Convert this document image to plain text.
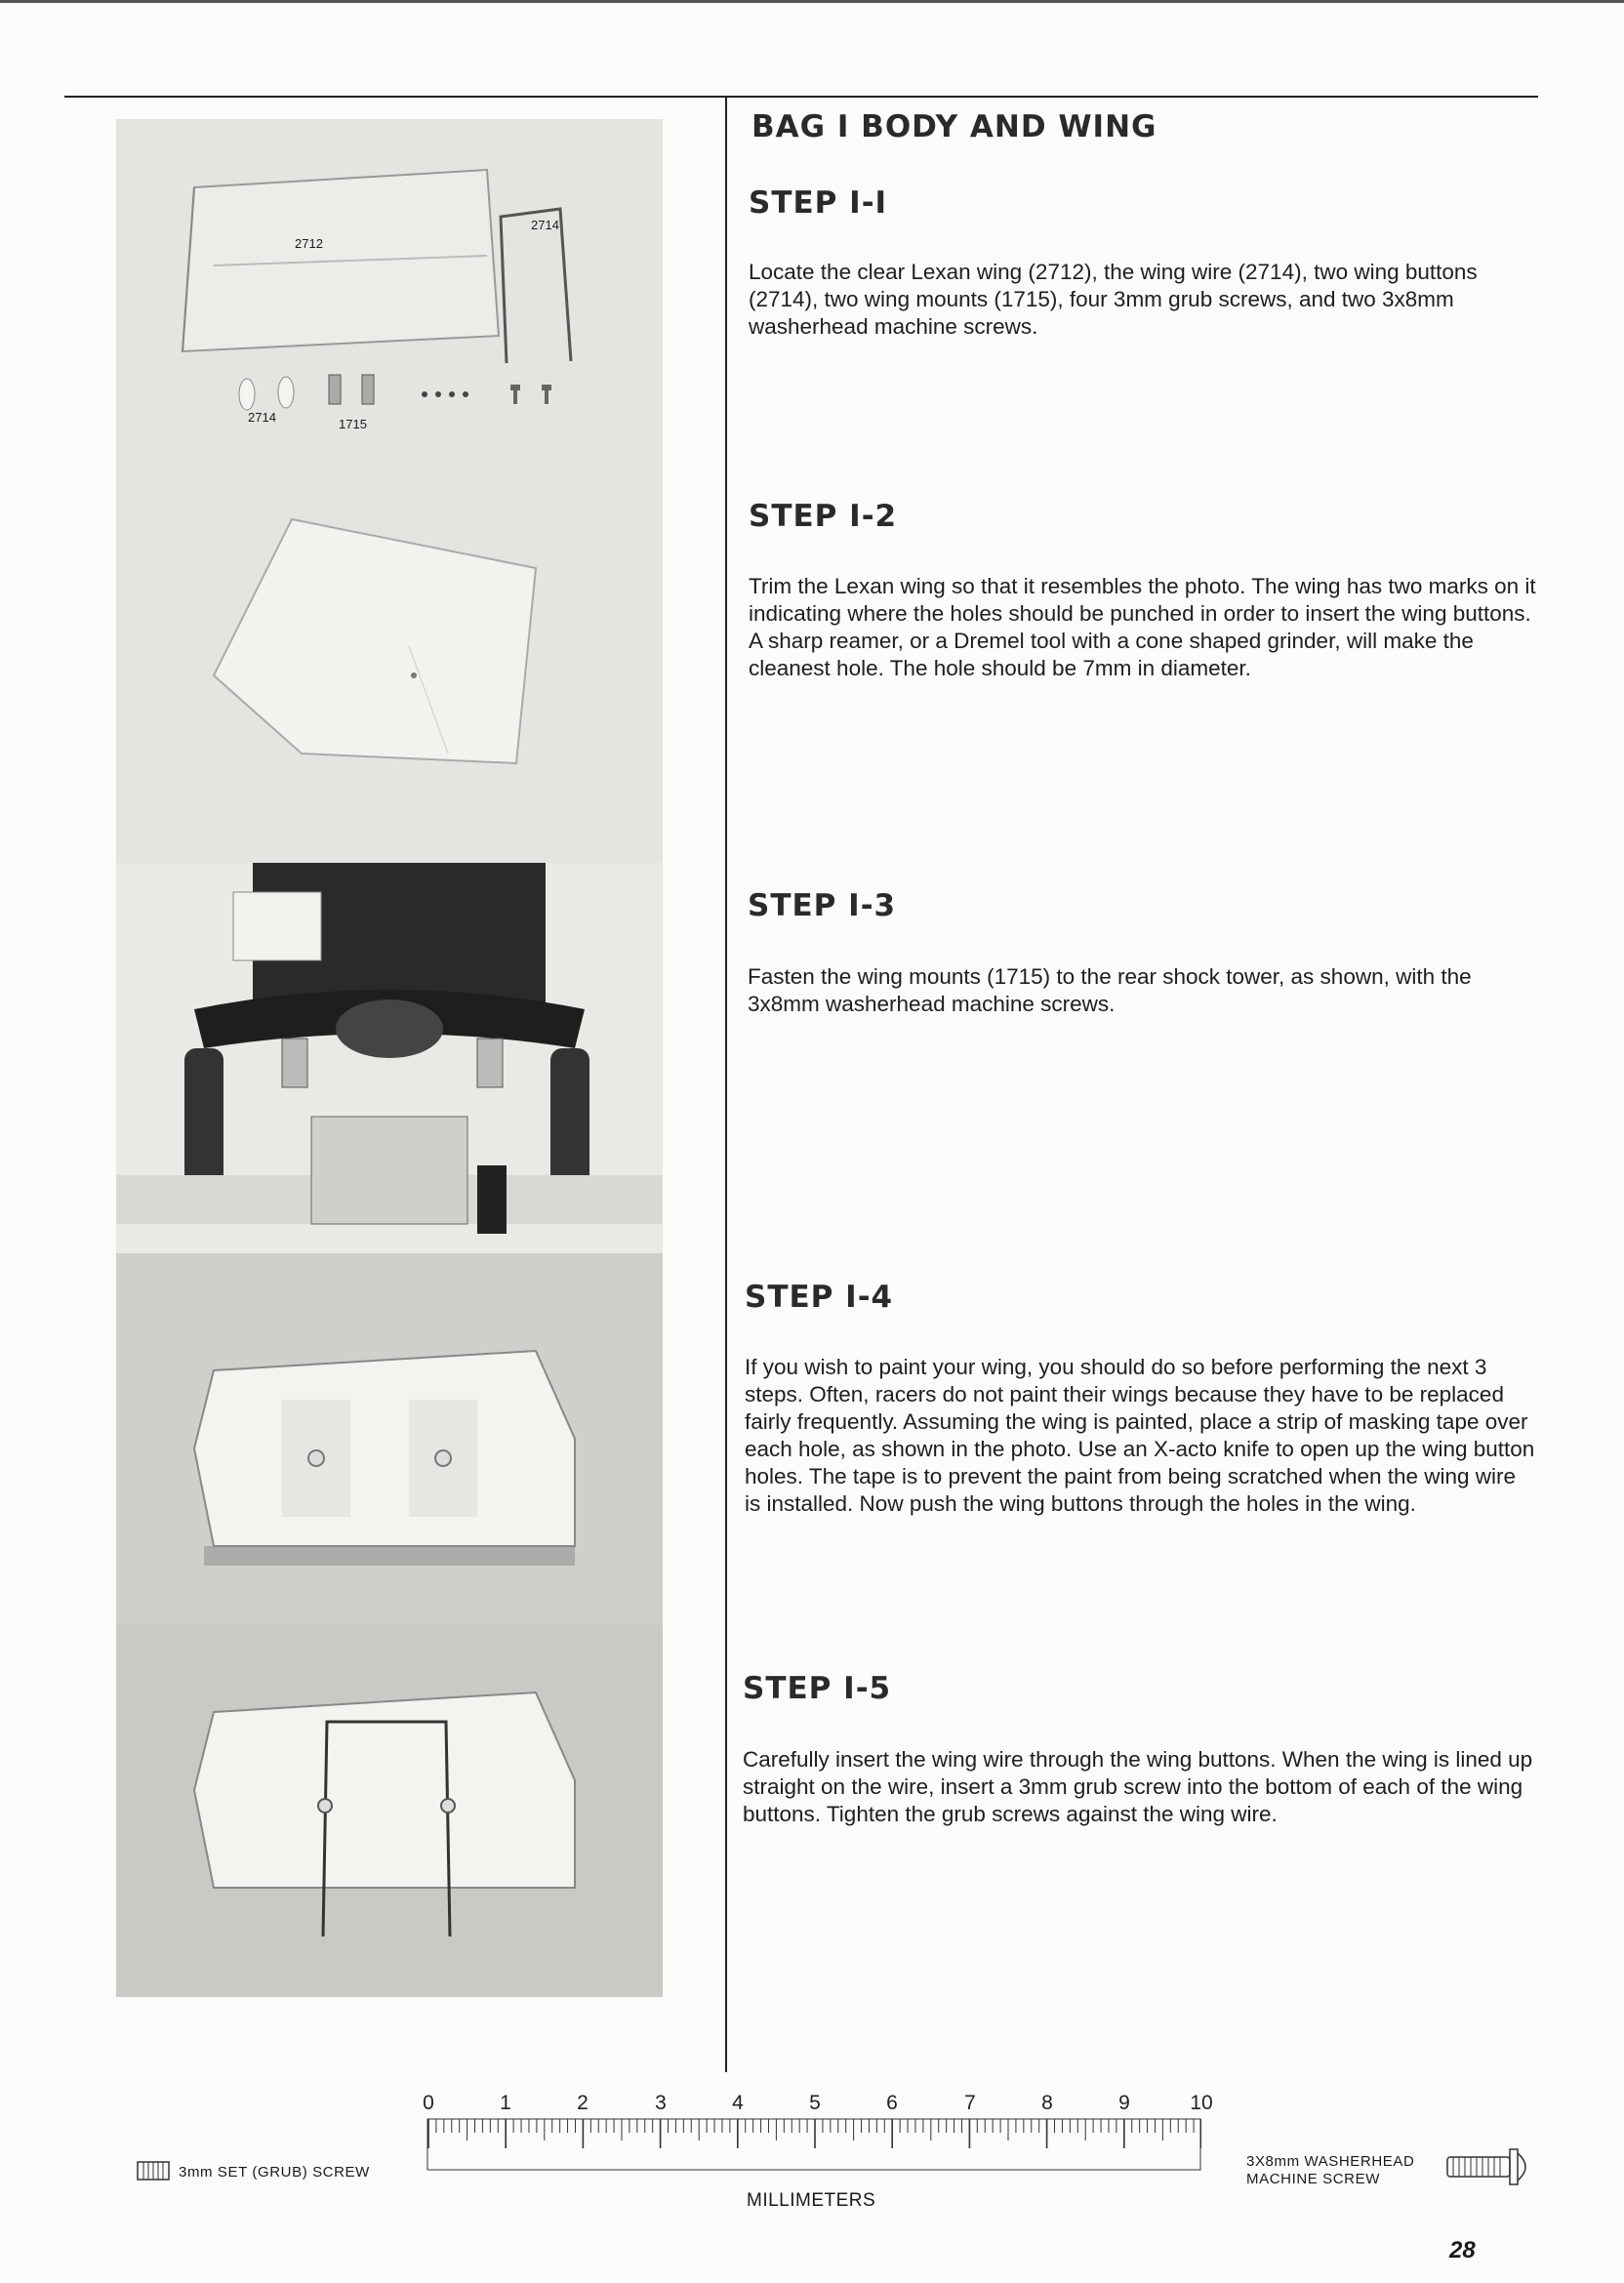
2712
2714
2714	1715
BAG I BODY AND WING
STEP I-I
Locate the clear Lexan wing (2712), the wing wire (2714), two wing buttons (2714), two wing mounts (1715), four 3mm grub screws, and two 3x8mm washerhead machine screws.
STEP I-2
Trim the Lexan wing so that it resembles the photo. The wing has two marks on it indicating where the holes should be punched in order to insert the wing buttons. A sharp reamer, or a Dremel tool with a cone shaped grinder, will make the cleanest hole. The hole should be 7mm in diameter.
STEP I-3
Fasten the wing mounts (1715) to the rear shock tower, as shown, with the 3x8mm washerhead machine screws.
STEP I-4
If you wish to paint your wing, you should do so before performing the next 3 steps. Often, racers do not paint their wings because they have to be replaced fairly frequently. Assuming the wing is painted, place a strip of masking tape over each hole, as shown in the photo. Use an X-acto knife to open up the wing button holes. The tape is to prevent the paint from being scratched when the wing wire is installed. Now push the wing buttons through the holes in the wing.
STEP I-5
Carefully insert the wing wire through the wing buttons. When the wing is lined up straight on the wire, insert a 3mm grub screw into the bottom of each of the wing buttons. Tighten the grub screws against the wing wire.
0	1	2	3	4	5	6	7	8	9	10
MILLIMETERS
3mm SET (GRUB) SCREW
3X8mm WASHERHEAD
MACHINE SCREW
28
